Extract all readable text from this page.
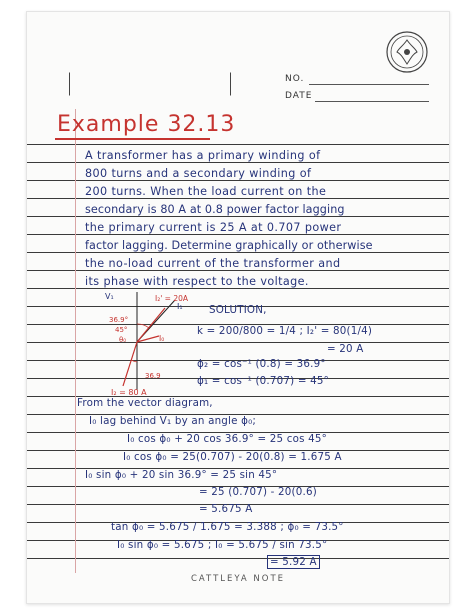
NO.
DATE
Example 32.13
A transformer has a primary winding of
800 turns and a secondary winding of
200 turns. When the load current on the
secondary is 80 A at 0.8 power factor lagging
the primary current is 25 A at 0.707 power
factor lagging. Determine graphically or otherwise
the no-load current of the transformer and
its phase with respect to the voltage.
V₁	I₂' = 20A
I₁
36.9°
45°
θ₀	I₀
36.9
I₂ = 80 A
SOLUTION,
k = 200/800 = 1/4 ; I₂' = 80(1/4)
= 20 A
ϕ₂ = cos⁻¹ (0.8) = 36.9°
ϕ₁ = cos⁻¹ (0.707) = 45°
From the vector diagram,
I₀ lag behind V₁ by an angle ϕ₀;
I₀ cos ϕ₀ + 20 cos 36.9° = 25 cos 45°
I₀ cos ϕ₀ = 25(0.707) - 20(0.8) = 1.675 A
I₀ sin ϕ₀ + 20 sin 36.9° = 25 sin 45°
= 25 (0.707) - 20(0.6)
= 5.675 A
tan ϕ₀ = 5.675 / 1.675 = 3.388 ; ϕ₀ = 73.5°
I₀ sin ϕ₀ = 5.675 ; I₀ = 5.675 / sin 73.5°
= 5.92 A
CATTLEYA NOTE
